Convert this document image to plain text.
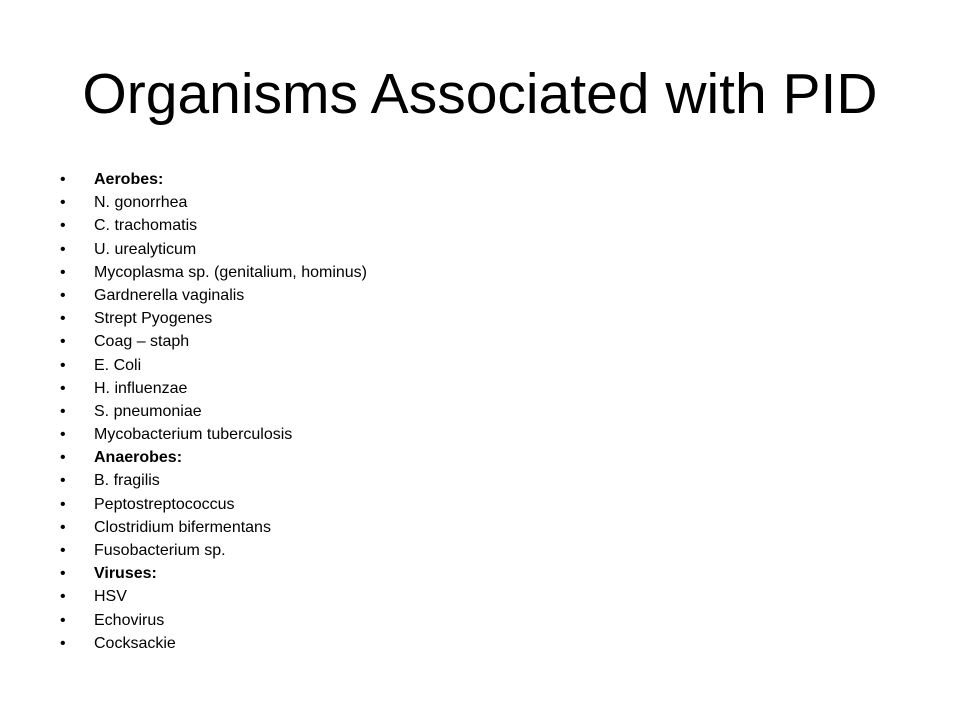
Organisms Associated with PID
•	Aerobes:
•	N. gonorrhea
•	C. trachomatis
•	U. urealyticum
•	Mycoplasma sp. (genitalium, hominus)
•	Gardnerella vaginalis
•	Strept Pyogenes
•	Coag – staph
•	E. Coli
•	H. influenzae
•	S. pneumoniae
•	Mycobacterium tuberculosis
•	Anaerobes:
•	B. fragilis
•	Peptostreptococcus
•	Clostridium bifermentans
•	Fusobacterium sp.
•	Viruses:
•	HSV
•	Echovirus
•	Cocksackie
